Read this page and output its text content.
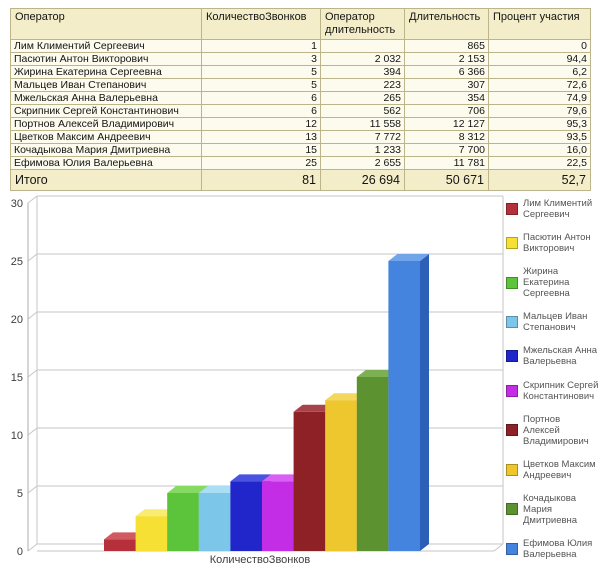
Оператор	КоличествоЗвонков	Оператор длительность	Длительность	Процент участия
Лим Климентий Сергеевич	1		865	0
Пасютин Антон Викторович	3	2 032	2 153	94,4
Жирина Екатерина Сергеевна	5	394	6 366	6,2
Мальцев Иван Степанович	5	223	307	72,6
Мжельская Анна Валерьевна	6	265	354	74,9
Скрипник Сергей Константинович	6	562	706	79,6
Портнов Алексей Владимирович	12	11 558	12 127	95,3
Цветков Максим Андреевич	13	7 772	8 312	93,5
Кочадыкова Мария Дмитриевна	15	1 233	7 700	16,0
Ефимова Юлия Валерьевна	25	2 655	11 781	22,5
Итого	81	26 694	50 671	52,7
0
5
10
15
20
25
30
КоличествоЗвонков
Лим Климентий Сергеевич
Пасютин Антон Викторович
Жирина Екатерина Сергеевна
Мальцев Иван Степанович
Мжельская Анна Валерьевна
Скрипник Сергей Константинович
Портнов Алексей Владимирович
Цветков Максим Андреевич
Кочадыкова Мария Дмитриевна
Ефимова Юлия Валерьевна
